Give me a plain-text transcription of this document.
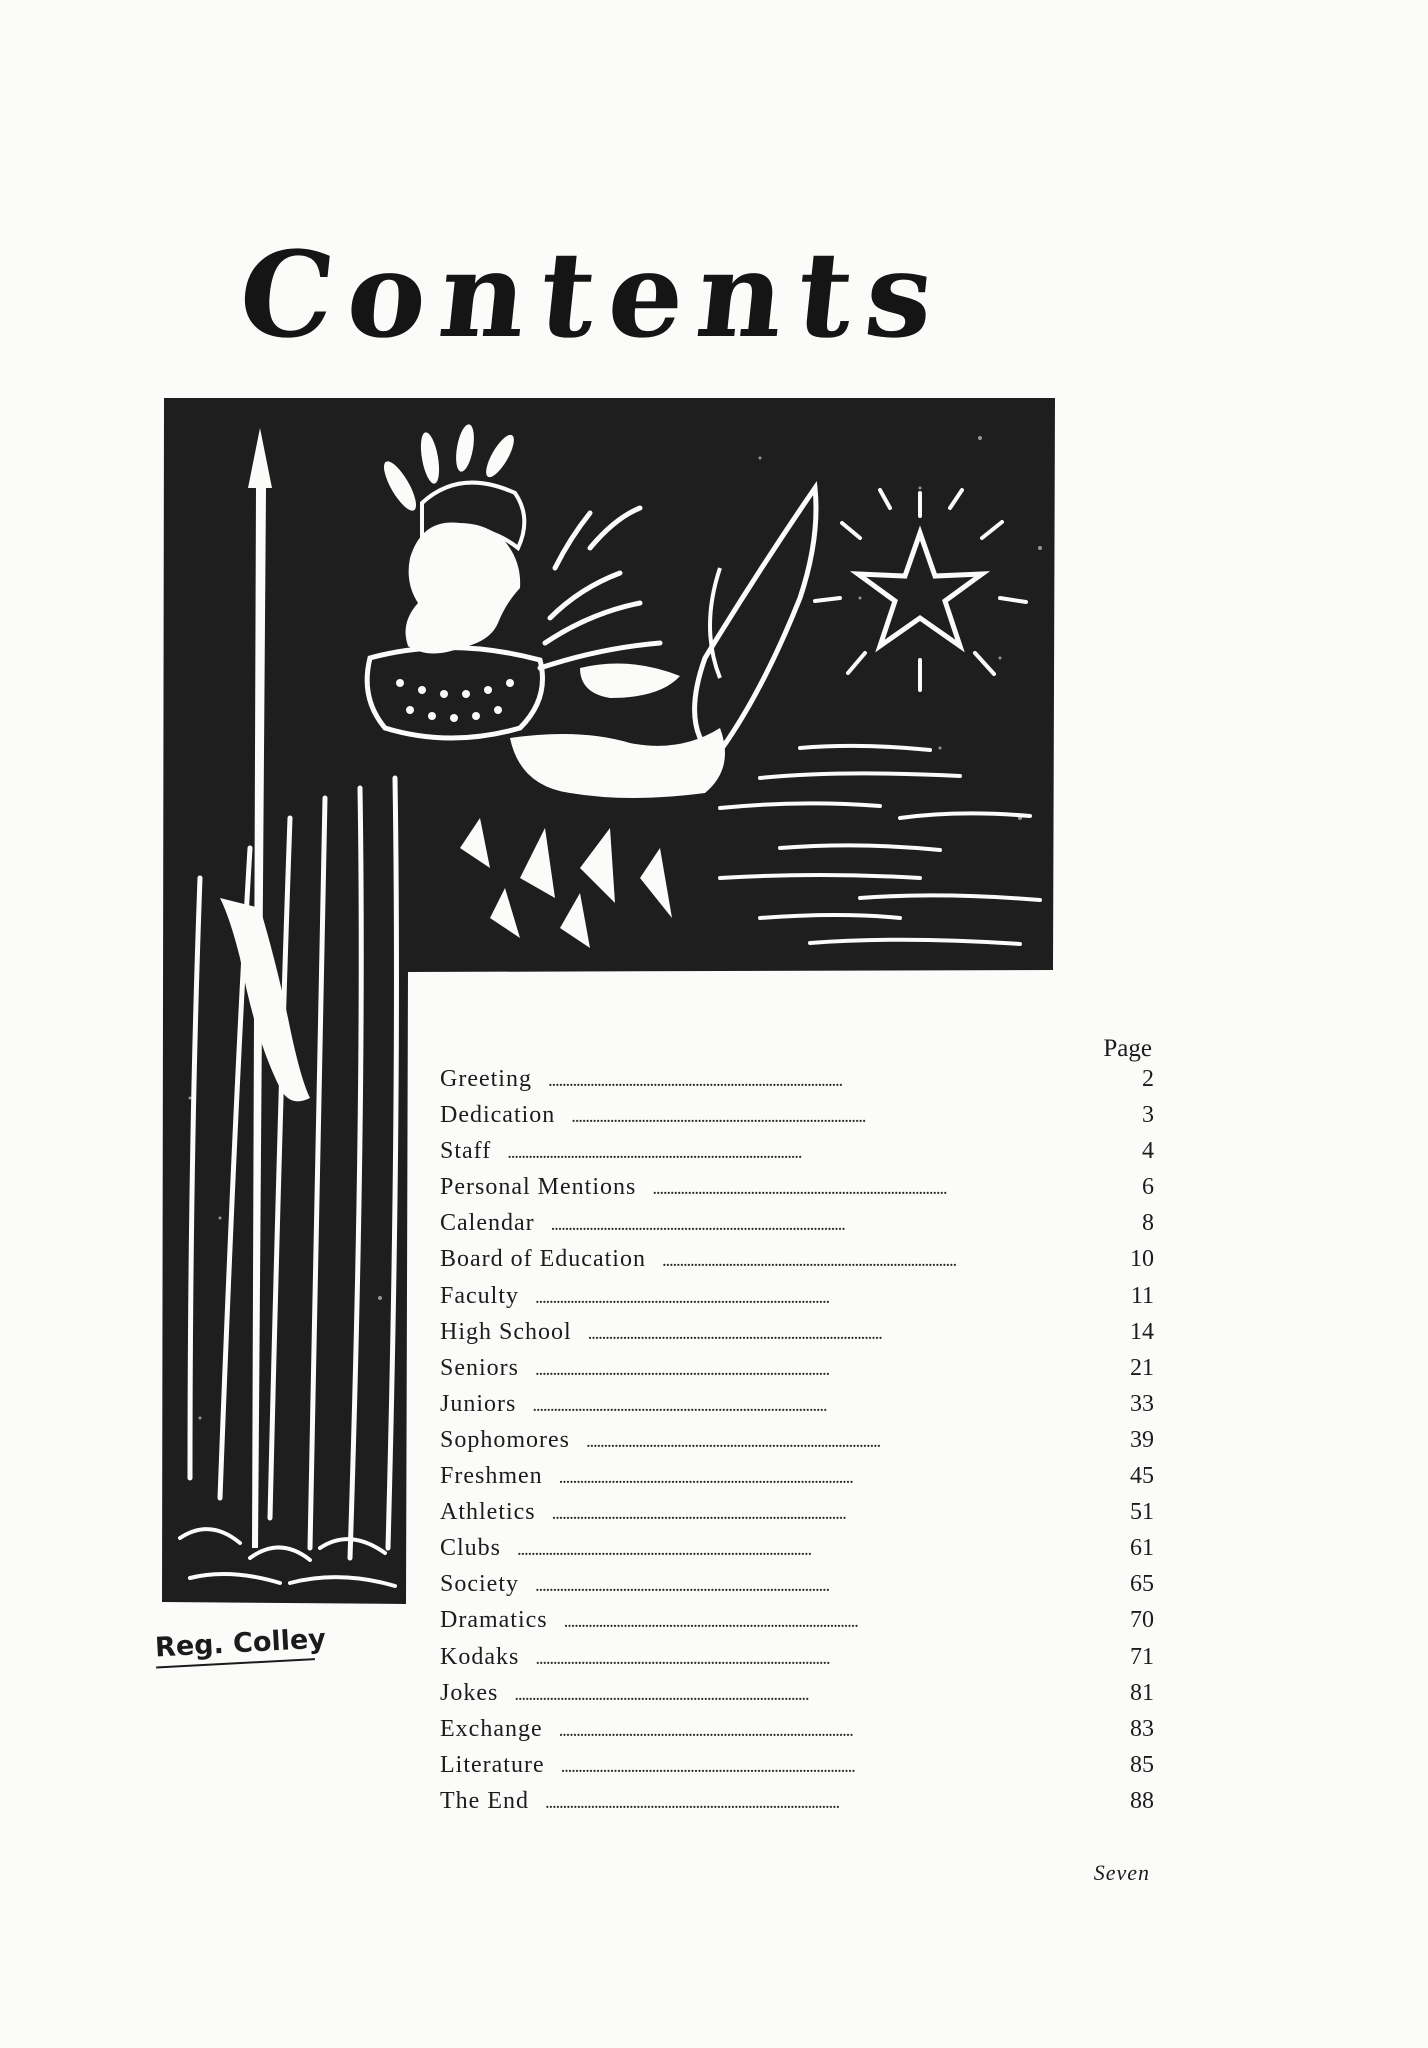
Contents
Reg. Colley
Page
Greeting . . .	2
Dedication . . .	3
Staff . . .	4
Personal Mentions . . .	6
Calendar . . .	8
Board of Education . . .	10
Faculty . . .	11
High School . . .	14
Seniors . . .	21
Juniors . . .	33
Sophomores . . .	39
Freshmen . . .	45
Athletics . . .	51
Clubs . . .	61
Society . . .	65
Dramatics . . .	70
Kodaks . . .	71
Jokes . . .	81
Exchange . . .	83
Literature . . .	85
The End . . .	88
Seven
